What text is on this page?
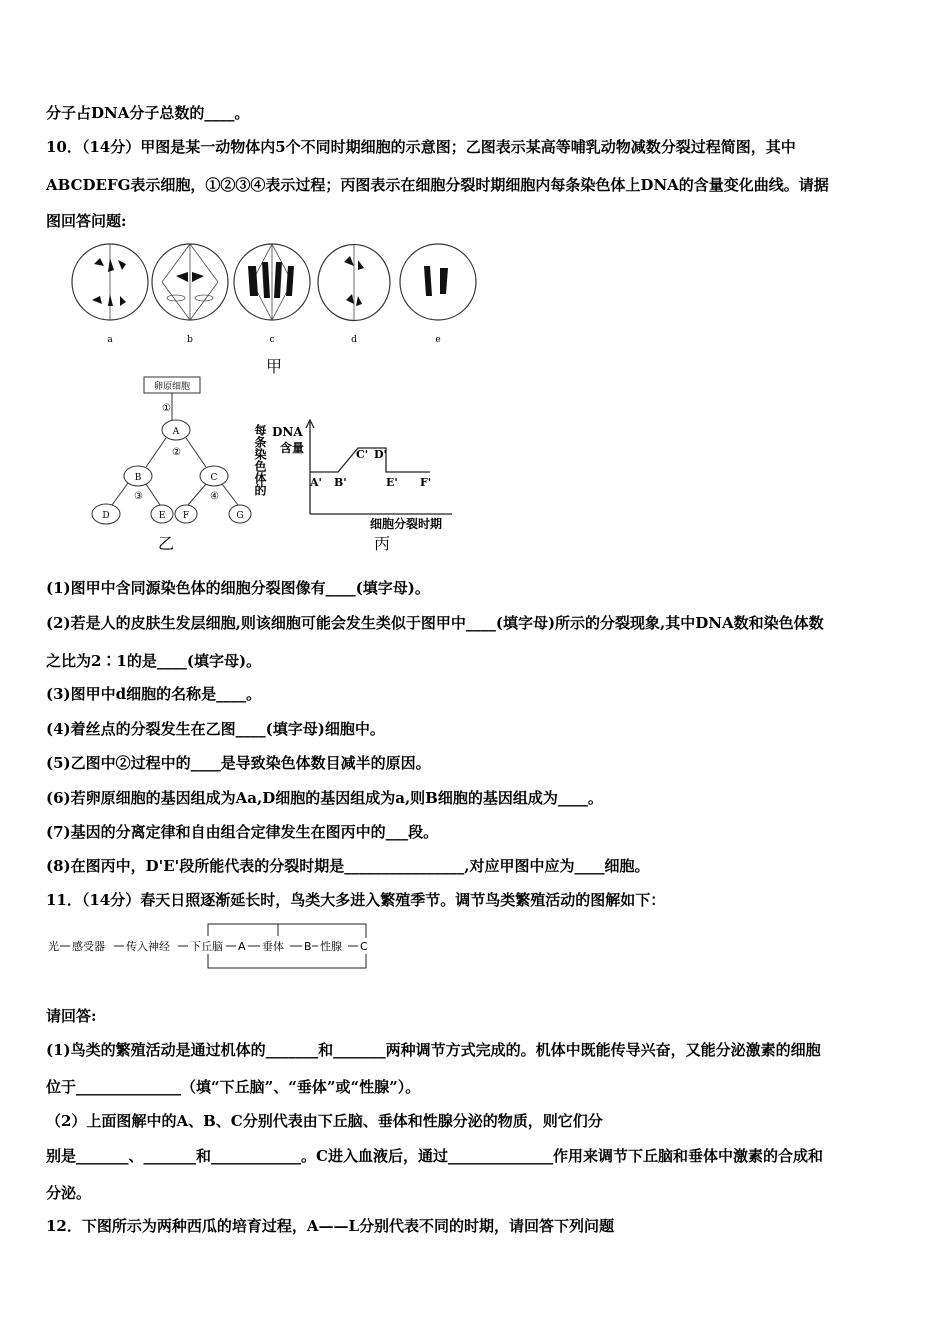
分子占DNA分子总数的____。
10．（14分）甲图是某一动物体内5个不同时期细胞的示意图；乙图表示某高等哺乳动物减数分裂过程简图，其中
ABCDEFG表示细胞，①②③④表示过程；丙图表示在细胞分裂时期细胞内每条染色体上DNA的含量变化曲线。请据
图回答问题:
a	b	c	d	e
甲
卵原细胞
①
A
B	C
D	E F	G
②
③	④
乙
每条染色体的 DNA
含量
A' B'
C' D'
E' F'
细胞分裂时期
丙
(1)图甲中含同源染色体的细胞分裂图像有____(填字母)。
(2)若是人的皮肤生发层细胞,则该细胞可能会发生类似于图甲中____(填字母)所示的分裂现象,其中DNA数和染色体数
之比为2∶1的是____(填字母)。
(3)图甲中d细胞的名称是____。
(4)着丝点的分裂发生在乙图____(填字母)细胞中。
(5)乙图中②过程中的____是导致染色体数目减半的原因。
(6)若卵原细胞的基因组成为Aa,D细胞的基因组成为a,则B细胞的基因组成为____。
(7)基因的分离定律和自由组合定律发生在图丙中的___段。
(8)在图丙中，D'E'段所能代表的分裂时期是________________,对应甲图中应为____细胞。
11．（14分）春天日照逐渐延长时，鸟类大多进入繁殖季节。调节鸟类繁殖活动的图解如下：
光 感受器 传入神经 下丘脑 A 垂体 B 性腺 C
请回答:
(1)鸟类的繁殖活动是通过机体的_______和_______两种调节方式完成的。机体中既能传导兴奋，又能分泌激素的细胞
位于______________（填“下丘脑”、“垂体”或“性腺”）。
（2）上面图解中的A、B、C分别代表由下丘脑、垂体和性腺分泌的物质，则它们分
别是_______、_______和____________。C进入血液后，通过______________作用来调节下丘脑和垂体中激素的合成和
分泌。
12．下图所示为两种西瓜的培育过程，A——L分别代表不同的时期，请回答下列问题
